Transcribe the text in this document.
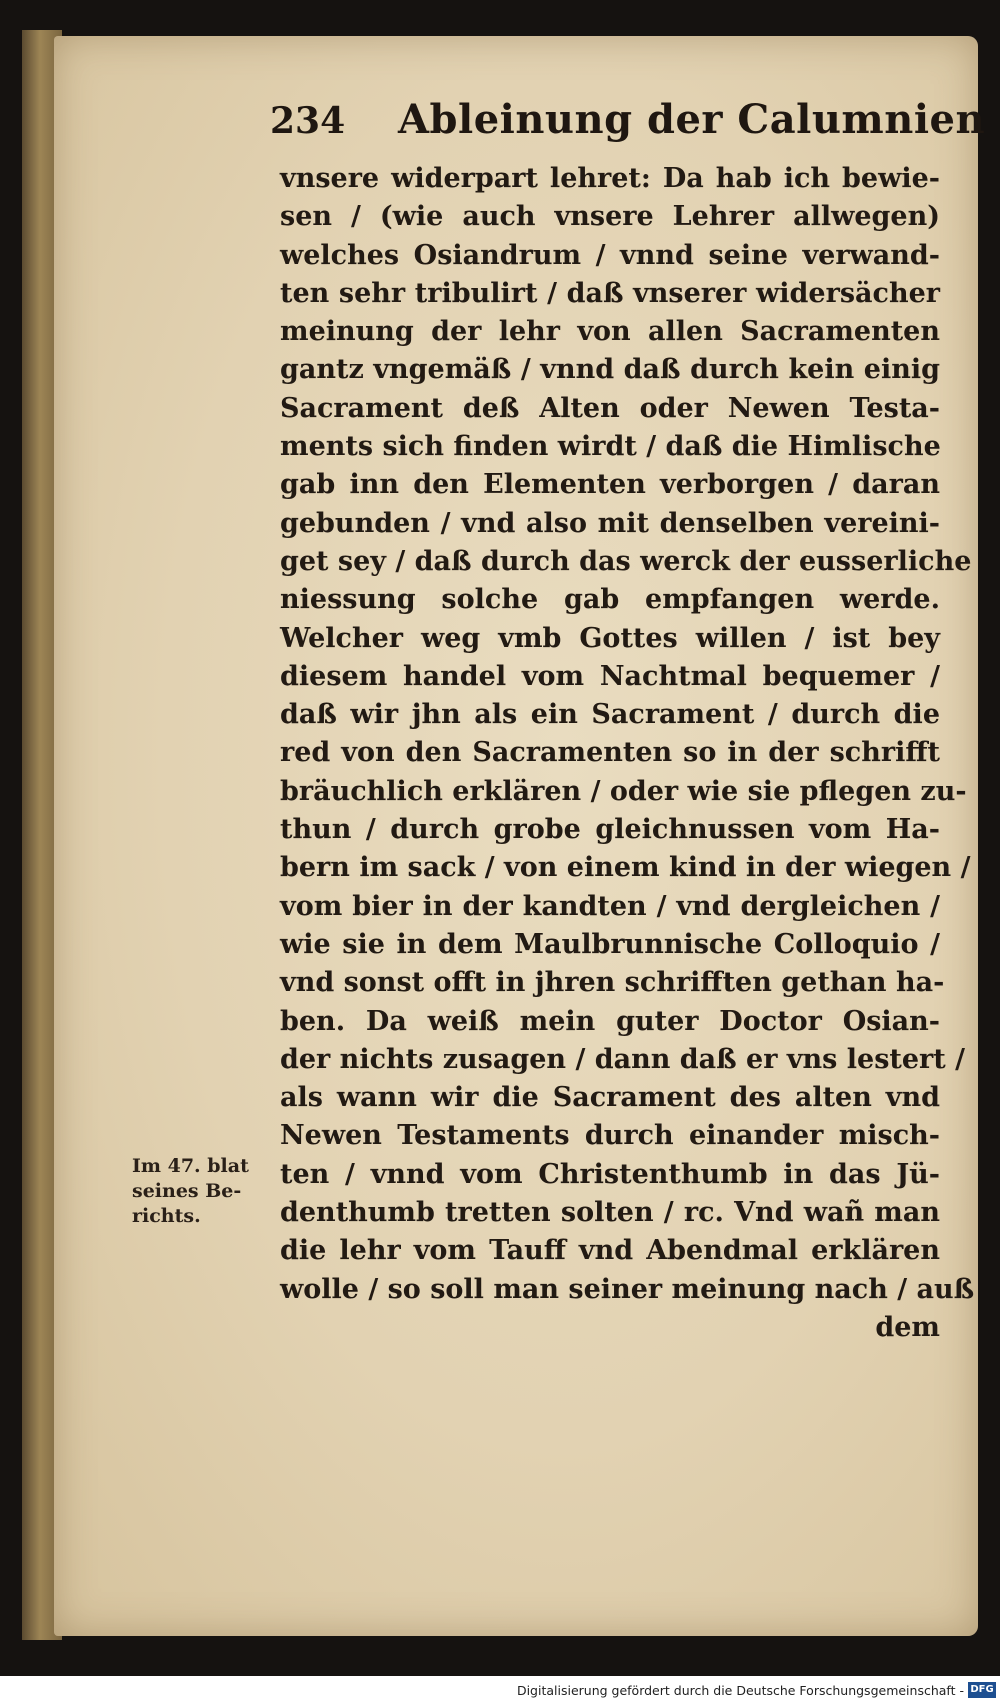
234 Ableinung der Calumnien
vnsere widerpart lehret: Da hab ich bewie-
sen / (wie auch vnsere Lehrer allwegen)
welches Osiandrum / vnnd seine verwand-
ten sehr tribulirt / daß vnserer widersächer
meinung der lehr von allen Sacramenten
gantz vngemäß / vnnd daß durch kein einig
Sacrament deß Alten oder Newen Testa-
ments sich finden wirdt / daß die Himlische
gab inn den Elementen verborgen / daran
gebunden / vnd also mit denselben vereini-
get sey / daß durch das werck der eusserliche
niessung solche gab empfangen werde.
Welcher weg vmb Gottes willen / ist bey
diesem handel vom Nachtmal bequemer /
daß wir jhn als ein Sacrament / durch die
red von den Sacramenten so in der schrifft
bräuchlich erklären / oder wie sie pflegen zu-
thun / durch grobe gleichnussen vom Ha-
bern im sack / von einem kind in der wiegen /
vom bier in der kandten / vnd dergleichen /
wie sie in dem Maulbrunnische Colloquio /
vnd sonst offt in jhren schrifften gethan ha-
ben. Da weiß mein guter Doctor Osian-
der nichts zusagen / dann daß er vns lestert /
als wann wir die Sacrament des alten vnd
Newen Testaments durch einander misch-
ten / vnnd vom Christenthumb in das Jü-
denthumb tretten solten / rc. Vnd wañ man
die lehr vom Tauff vnd Abendmal erklären
wolle / so soll man seiner meinung nach / auß
dem
Im 47. blat
seines Be-
richts.
Digitalisierung gefördert durch die Deutsche Forschungsgemeinschaft - DFG
